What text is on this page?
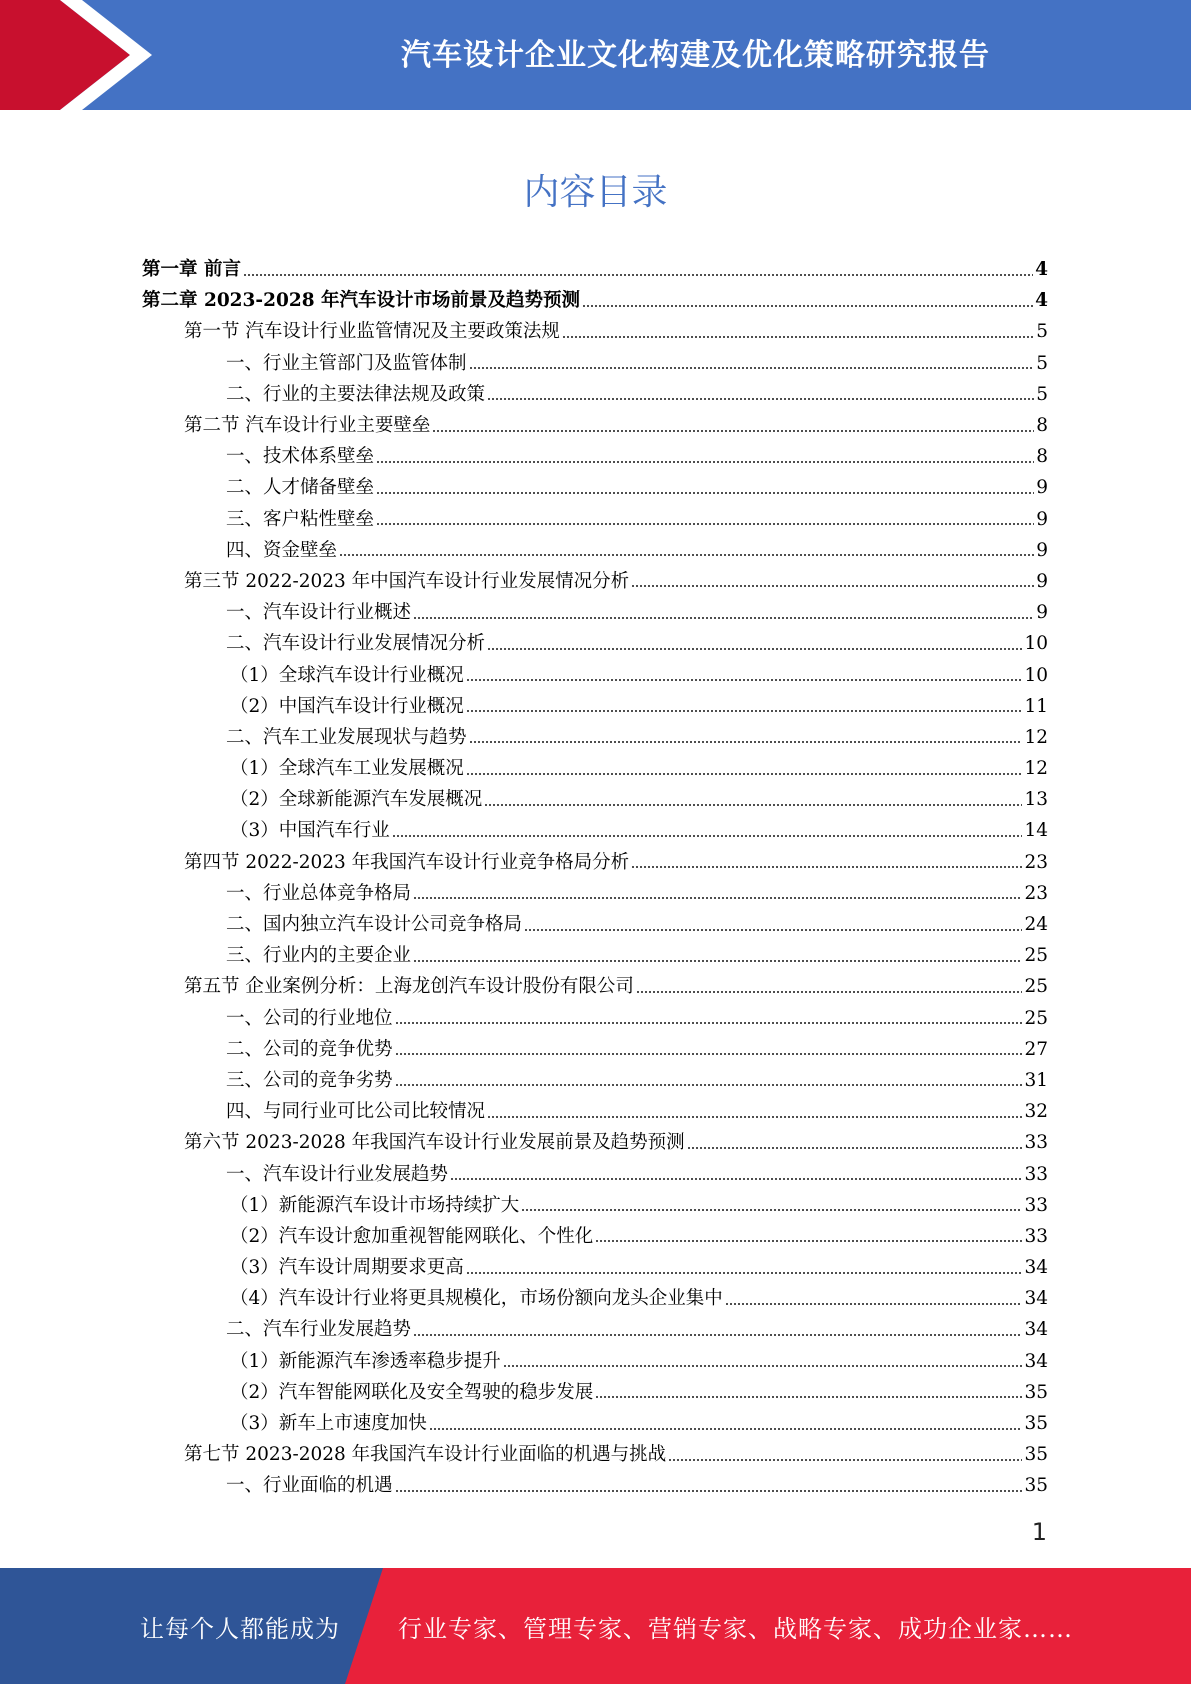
汽车设计企业文化构建及优化策略研究报告
内容目录
第一章 前言	4
第二章 2023-2028 年汽车设计市场前景及趋势预测	4
第一节 汽车设计行业监管情况及主要政策法规	5
一、行业主管部门及监管体制	5
二、行业的主要法律法规及政策	5
第二节 汽车设计行业主要壁垒	8
一、技术体系壁垒	8
二、人才储备壁垒	9
三、客户粘性壁垒	9
四、资金壁垒	9
第三节 2022-2023 年中国汽车设计行业发展情况分析	9
一、汽车设计行业概述	9
二、汽车设计行业发展情况分析	10
（1）全球汽车设计行业概况	10
（2）中国汽车设计行业概况	11
二、汽车工业发展现状与趋势	12
（1）全球汽车工业发展概况	12
（2）全球新能源汽车发展概况	13
（3）中国汽车行业	14
第四节 2022-2023 年我国汽车设计行业竞争格局分析	23
一、行业总体竞争格局	23
二、国内独立汽车设计公司竞争格局	24
三、行业内的主要企业	25
第五节 企业案例分析：上海龙创汽车设计股份有限公司	25
一、公司的行业地位	25
二、公司的竞争优势	27
三、公司的竞争劣势	31
四、与同行业可比公司比较情况	32
第六节 2023-2028 年我国汽车设计行业发展前景及趋势预测	33
一、汽车设计行业发展趋势	33
（1）新能源汽车设计市场持续扩大	33
（2）汽车设计愈加重视智能网联化、个性化	33
（3）汽车设计周期要求更高	34
（4）汽车设计行业将更具规模化，市场份额向龙头企业集中	34
二、汽车行业发展趋势	34
（1）新能源汽车渗透率稳步提升	34
（2）汽车智能网联化及安全驾驶的稳步发展	35
（3）新车上市速度加快	35
第七节 2023-2028 年我国汽车设计行业面临的机遇与挑战	35
一、行业面临的机遇	35
1
让每个人都能成为 行业专家、管理专家、营销专家、战略专家、成功企业家……
